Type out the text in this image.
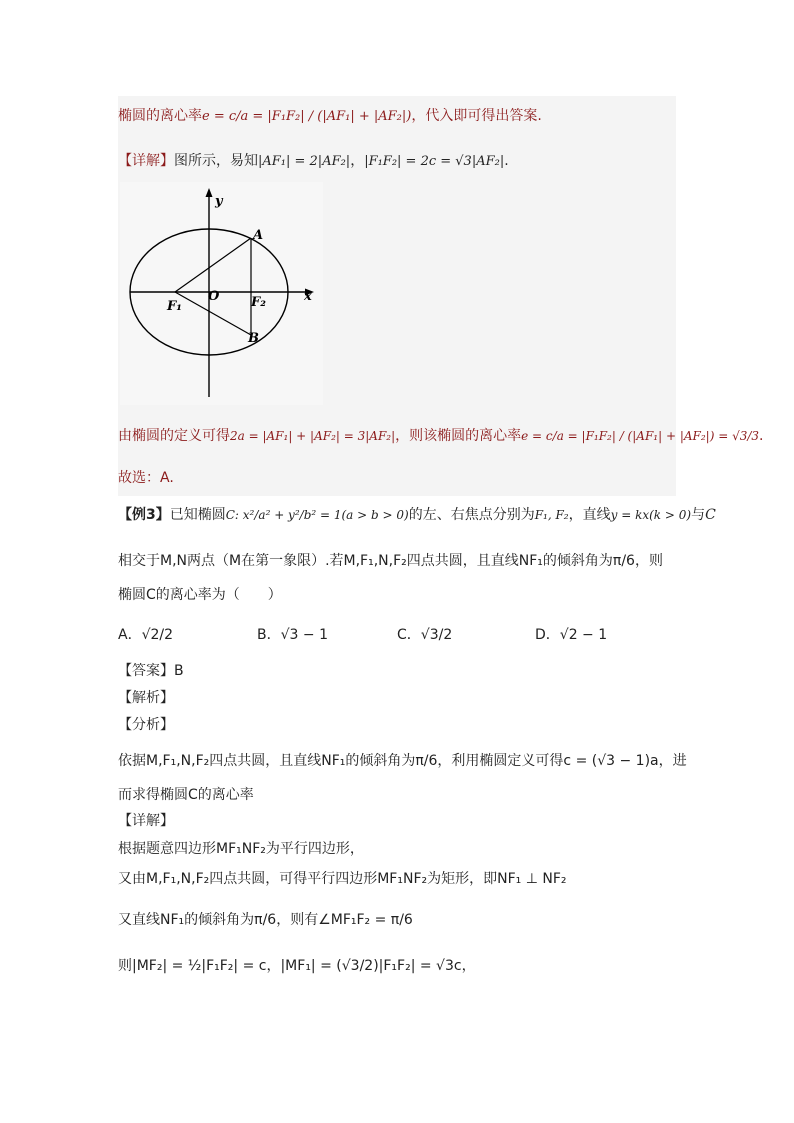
椭圆的离心率e = c/a = |F₁F₂| / (|AF₁| + |AF₂|)，代入即可得出答案.
【详解】图所示，易知|AF₁| = 2|AF₂|，|F₁F₂| = 2c = √3|AF₂|.
y
x
A
B
O
F₁	F₂
由椭圆的定义可得2a = |AF₁| + |AF₂| = 3|AF₂|，则该椭圆的离心率e = c/a = |F₁F₂| / (|AF₁| + |AF₂|) = √3/3.
故选：A.
【例3】已知椭圆C: x²/a² + y²/b² = 1(a > b > 0)的左、右焦点分别为F₁, F₂，直线y = kx(k > 0)与C
相交于M,N两点（M在第一象限）.若M,F₁,N,F₂四点共圆，且直线NF₁的倾斜角为π/6，则
椭圆C的离心率为（　　）
A．√2/2	B．√3 − 1	C．√3/2	D．√2 − 1
【答案】B
【解析】
【分析】
依据M,F₁,N,F₂四点共圆，且直线NF₁的倾斜角为π/6，利用椭圆定义可得c = (√3 − 1)a，进
而求得椭圆C的离心率
【详解】
根据题意四边形MF₁NF₂为平行四边形，
又由M,F₁,N,F₂四点共圆，可得平行四边形MF₁NF₂为矩形，即NF₁ ⊥ NF₂
又直线NF₁的倾斜角为π/6，则有∠MF₁F₂ = π/6
则|MF₂| = ½|F₁F₂| = c，|MF₁| = (√3/2)|F₁F₂| = √3c，
